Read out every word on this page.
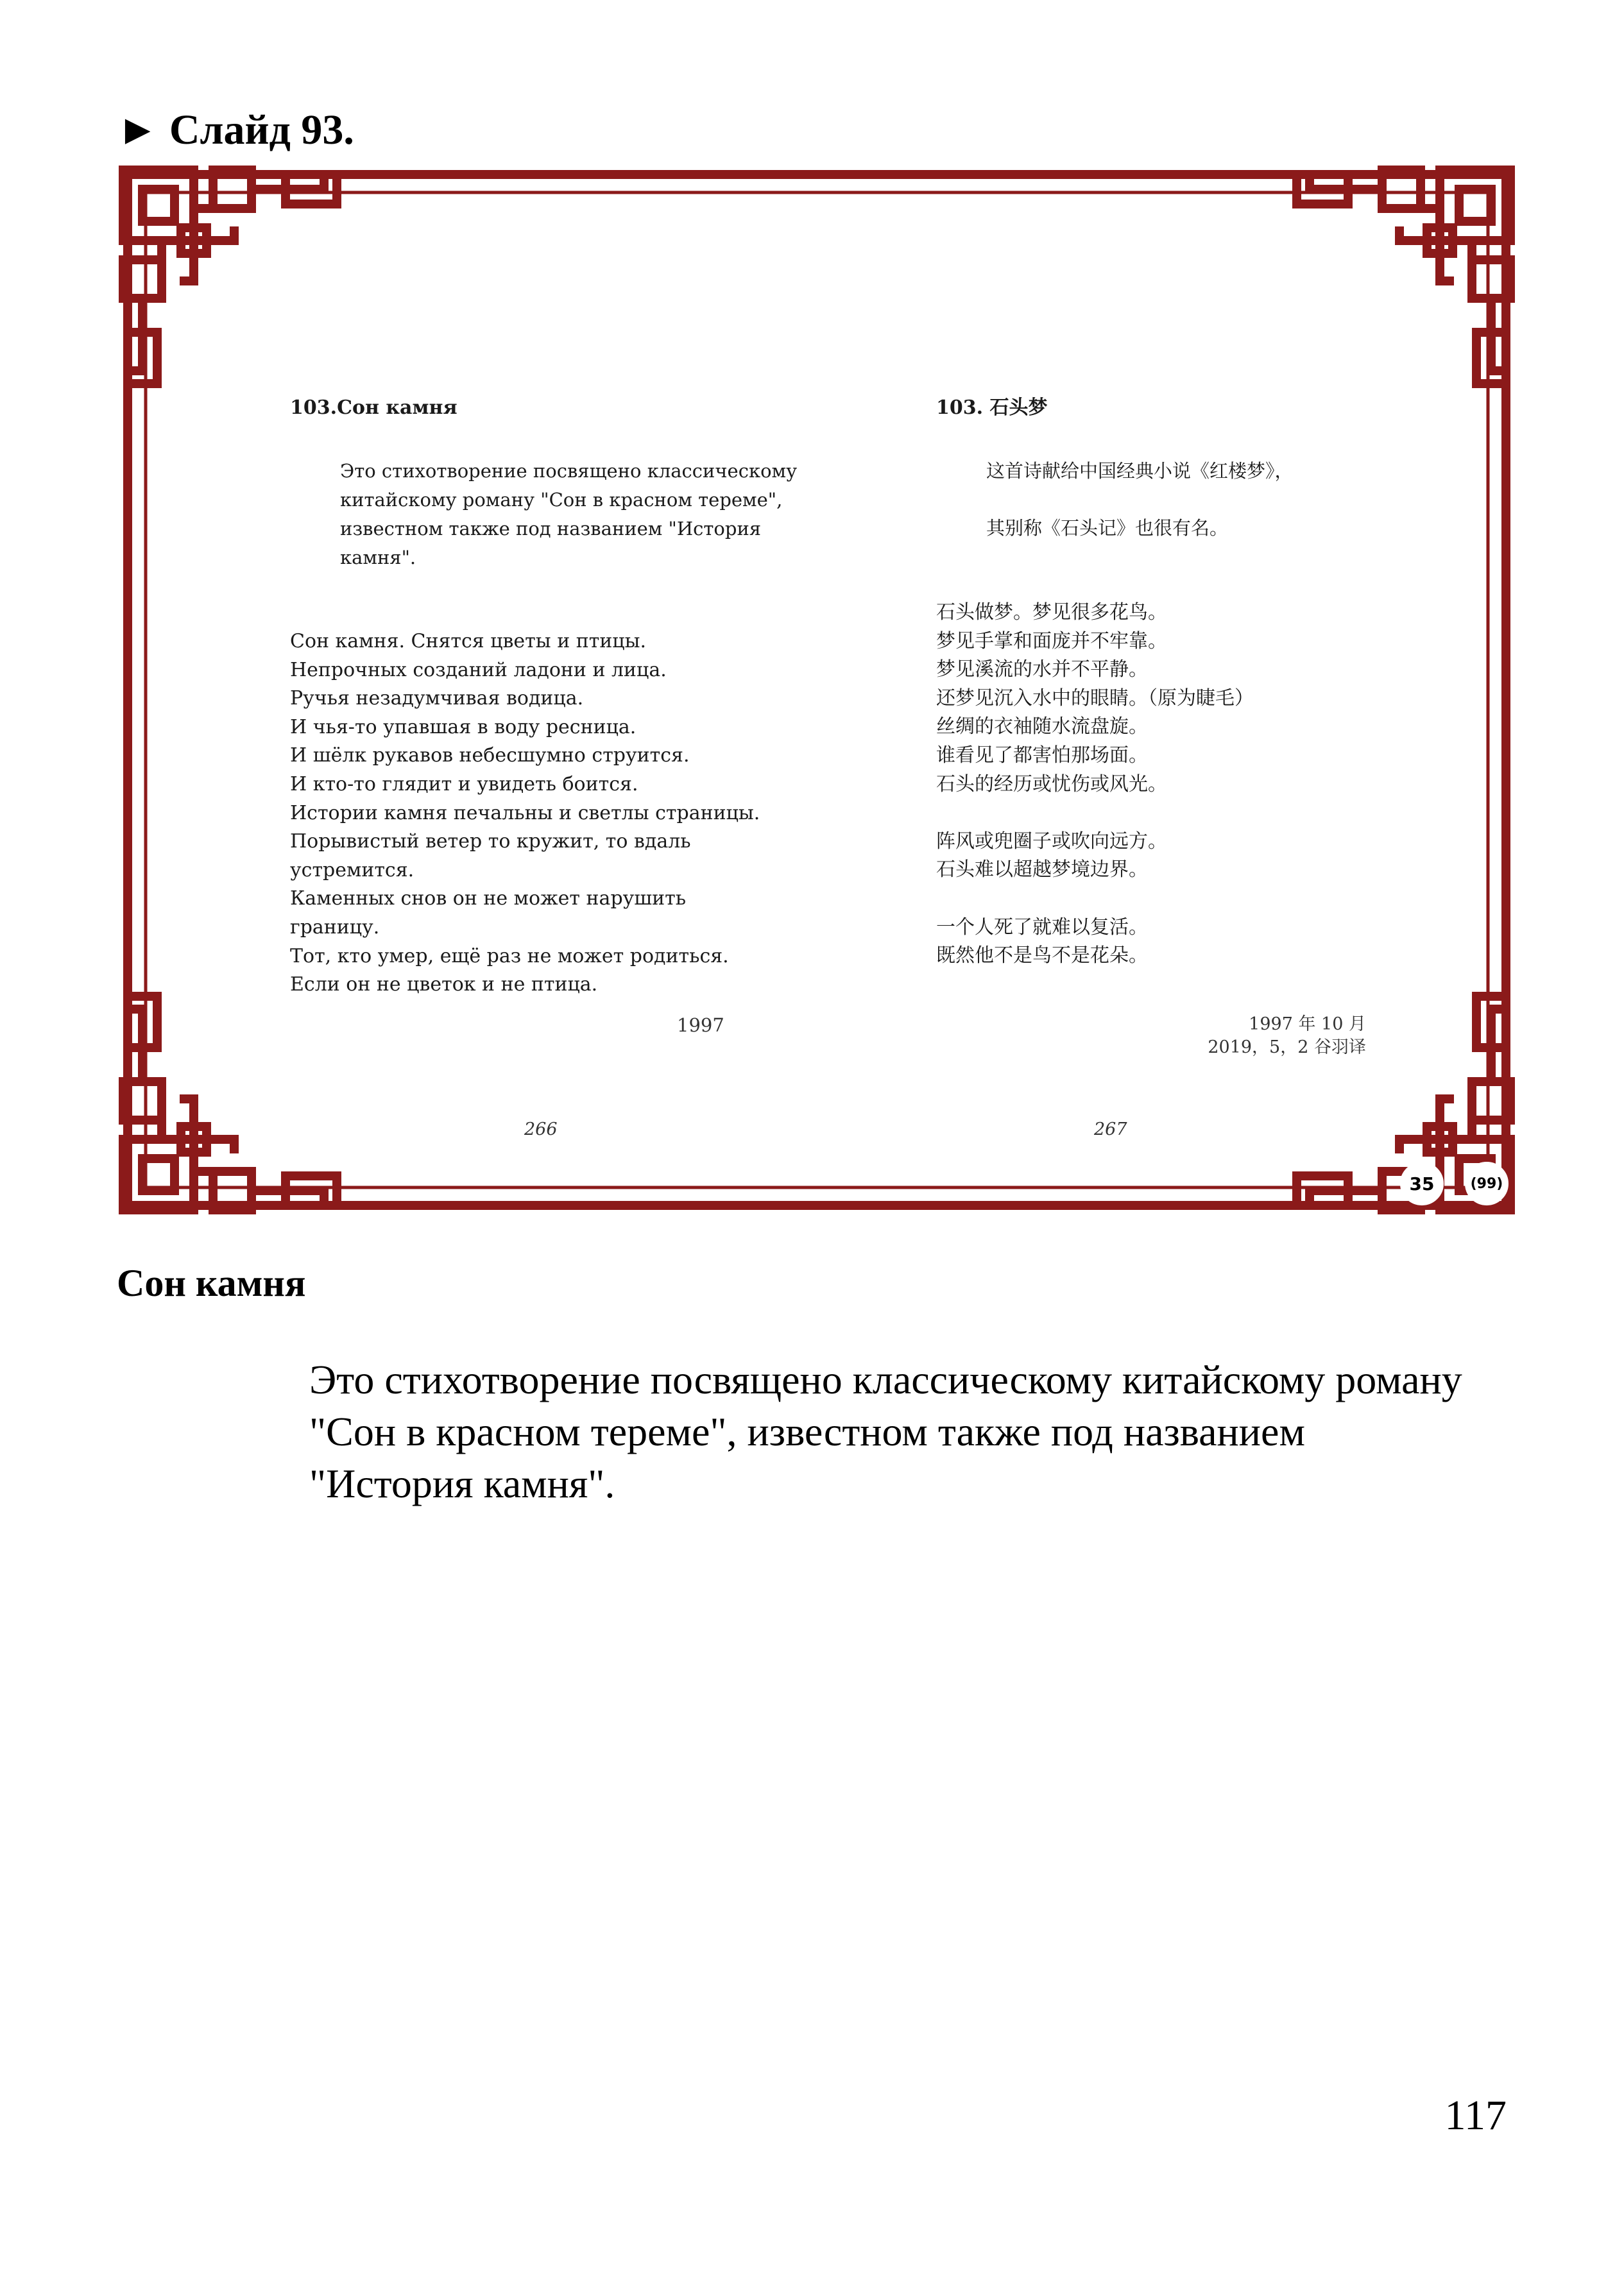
► Слайд 93.
103.Сон камня
Это стихотворение посвящено классическому китайскому роману "Сон в красном тереме", известном также под названием "История камня".
Сон камня. Снятся цветы и птицы.
Непрочных созданий ладони и лица.
Ручья незадумчивая водица.
И чья-то упавшая в воду ресница.
И шёлк рукавов небесшумно струится.
И кто-то глядит и увидеть боится.
Истории камня печальны и светлы страницы.
Порывистый ветер то кружит, то вдаль
устремится.
Каменных снов он не может нарушить
границу.
Тот, кто умер, ещё раз не может родиться.
Если он не цветок и не птица.
1997
266
103. 石头梦
这首诗献给中国经典小说《红楼梦》，
其别称《石头记》也很有名。
石头做梦。梦见很多花鸟。
梦见手掌和面庞并不牢靠。
梦见溪流的水并不平静。
还梦见沉入水中的眼睛。（原为睫毛）
丝绸的衣袖随水流盘旋。
谁看见了都害怕那场面。
石头的经历或忧伤或风光。
阵风或兜圈子或吹向远方。
石头难以超越梦境边界。
一个人死了就难以复活。
既然他不是鸟不是花朵。
1997 年 10 月
2019，5，2 谷羽译
267
35	(99)
Сон камня
Это стихотворение посвящено классическому китайскому роману "Сон в красном тереме", известном также под названием "История камня".
117
